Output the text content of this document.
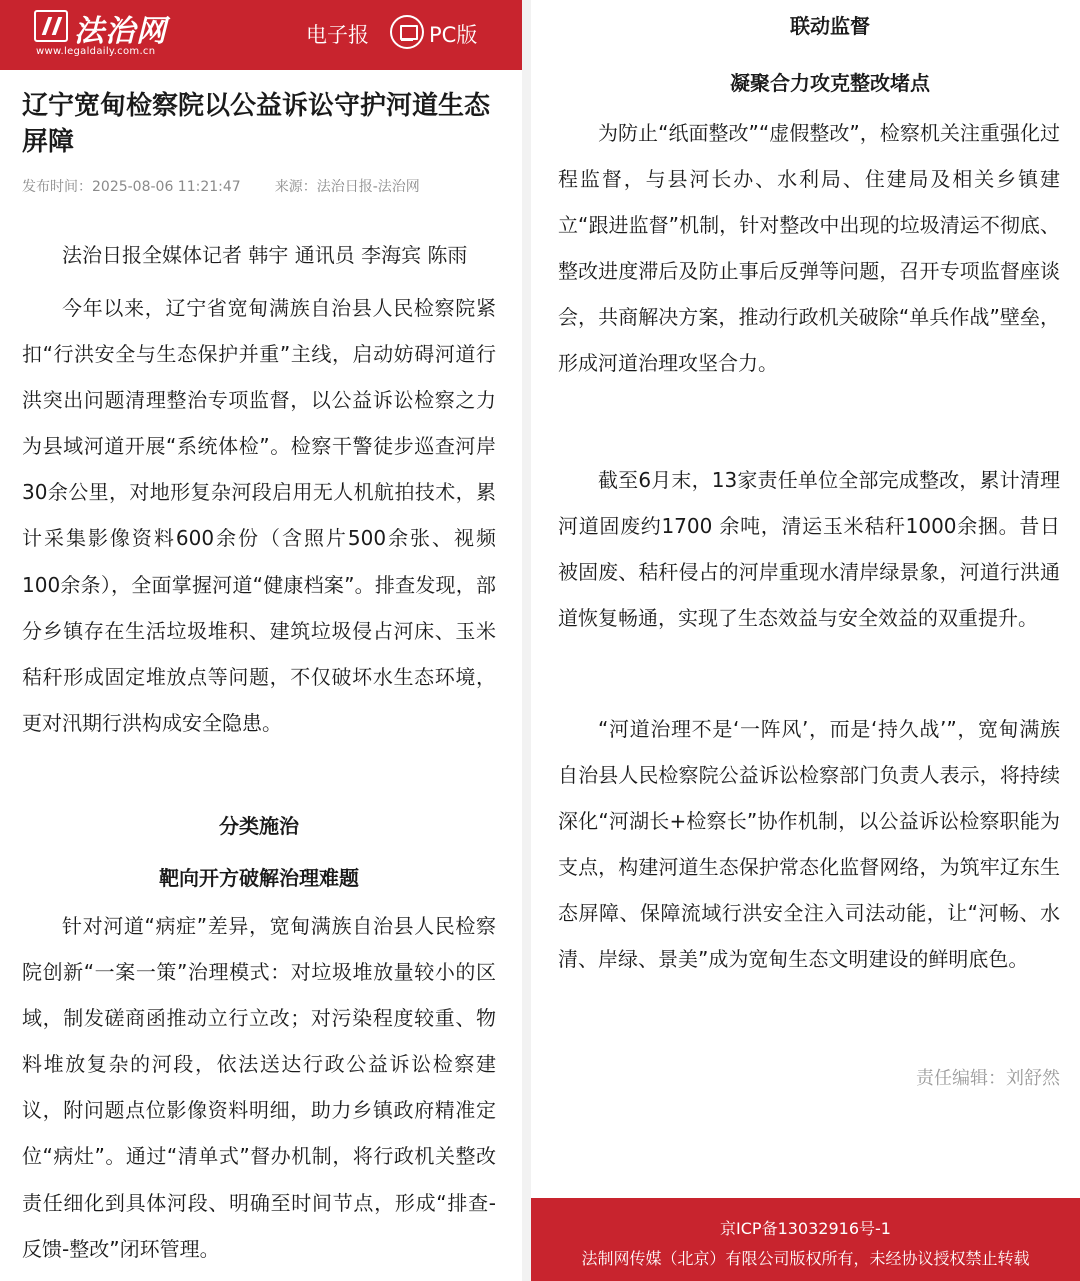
法治网
www.legaldaily.com.cn
电子报	PC版
辽宁宽甸检察院以公益诉讼守护河道生态屏障
发布时间：2025-08-06 11:21:47 来源：法治日报-法治网

法治日报全媒体记者 韩宇 通讯员 李海宾 陈雨

今年以来，辽宁省宽甸满族自治县人民检察院紧扣“行洪安全与生态保护并重”主线，启动妨碍河道行洪突出问题清理整治专项监督，以公益诉讼检察之力为县域河道开展“系统体检”。检察干警徒步巡查河岸30余公里，对地形复杂河段启用无人机航拍技术，累计采集影像资料600余份（含照片500余张、视频100余条），全面掌握河道“健康档案”。排查发现，部分乡镇存在生活垃圾堆积、建筑垃圾侵占河床、玉米秸秆形成固定堆放点等问题，不仅破坏水生态环境，更对汛期行洪构成安全隐患。

分类施治
靶向开方破解治理难题

针对河道“病症”差异，宽甸满族自治县人民检察院创新“一案一策”治理模式：对垃圾堆放量较小的区域，制发磋商函推动立行立改；对污染程度较重、物料堆放复杂的河段，依法送达行政公益诉讼检察建议，附问题点位影像资料明细，助力乡镇政府精准定位“病灶”。通过“清单式”督办机制，将行政机关整改责任细化到具体河段、明确至时间节点，形成“排查-反馈-整改”闭环管理。

联动监督
凝聚合力攻克整改堵点

为防止“纸面整改”“虚假整改”，检察机关注重强化过程监督，与县河长办、水利局、住建局及相关乡镇建立“跟进监督”机制，针对整改中出现的垃圾清运不彻底、整改进度滞后及防止事后反弹等问题，召开专项监督座谈会，共商解决方案，推动行政机关破除“单兵作战”壁垒，形成河道治理攻坚合力。

截至6月末，13家责任单位全部完成整改，累计清理河道固废约1700 余吨，清运玉米秸秆1000余捆。昔日被固废、秸秆侵占的河岸重现水清岸绿景象，河道行洪通道恢复畅通，实现了生态效益与安全效益的双重提升。

“河道治理不是‘一阵风’，而是‘持久战’”，宽甸满族自治县人民检察院公益诉讼检察部门负责人表示，将持续深化“河湖长+检察长”协作机制，以公益诉讼检察职能为支点，构建河道生态保护常态化监督网络，为筑牢辽东生态屏障、保障流域行洪安全注入司法动能，让“河畅、水清、岸绿、景美”成为宽甸生态文明建设的鲜明底色。

责任编辑：刘舒然
京ICP备13032916号-1
法制网传媒（北京）有限公司版权所有，未经协议授权禁止转载
